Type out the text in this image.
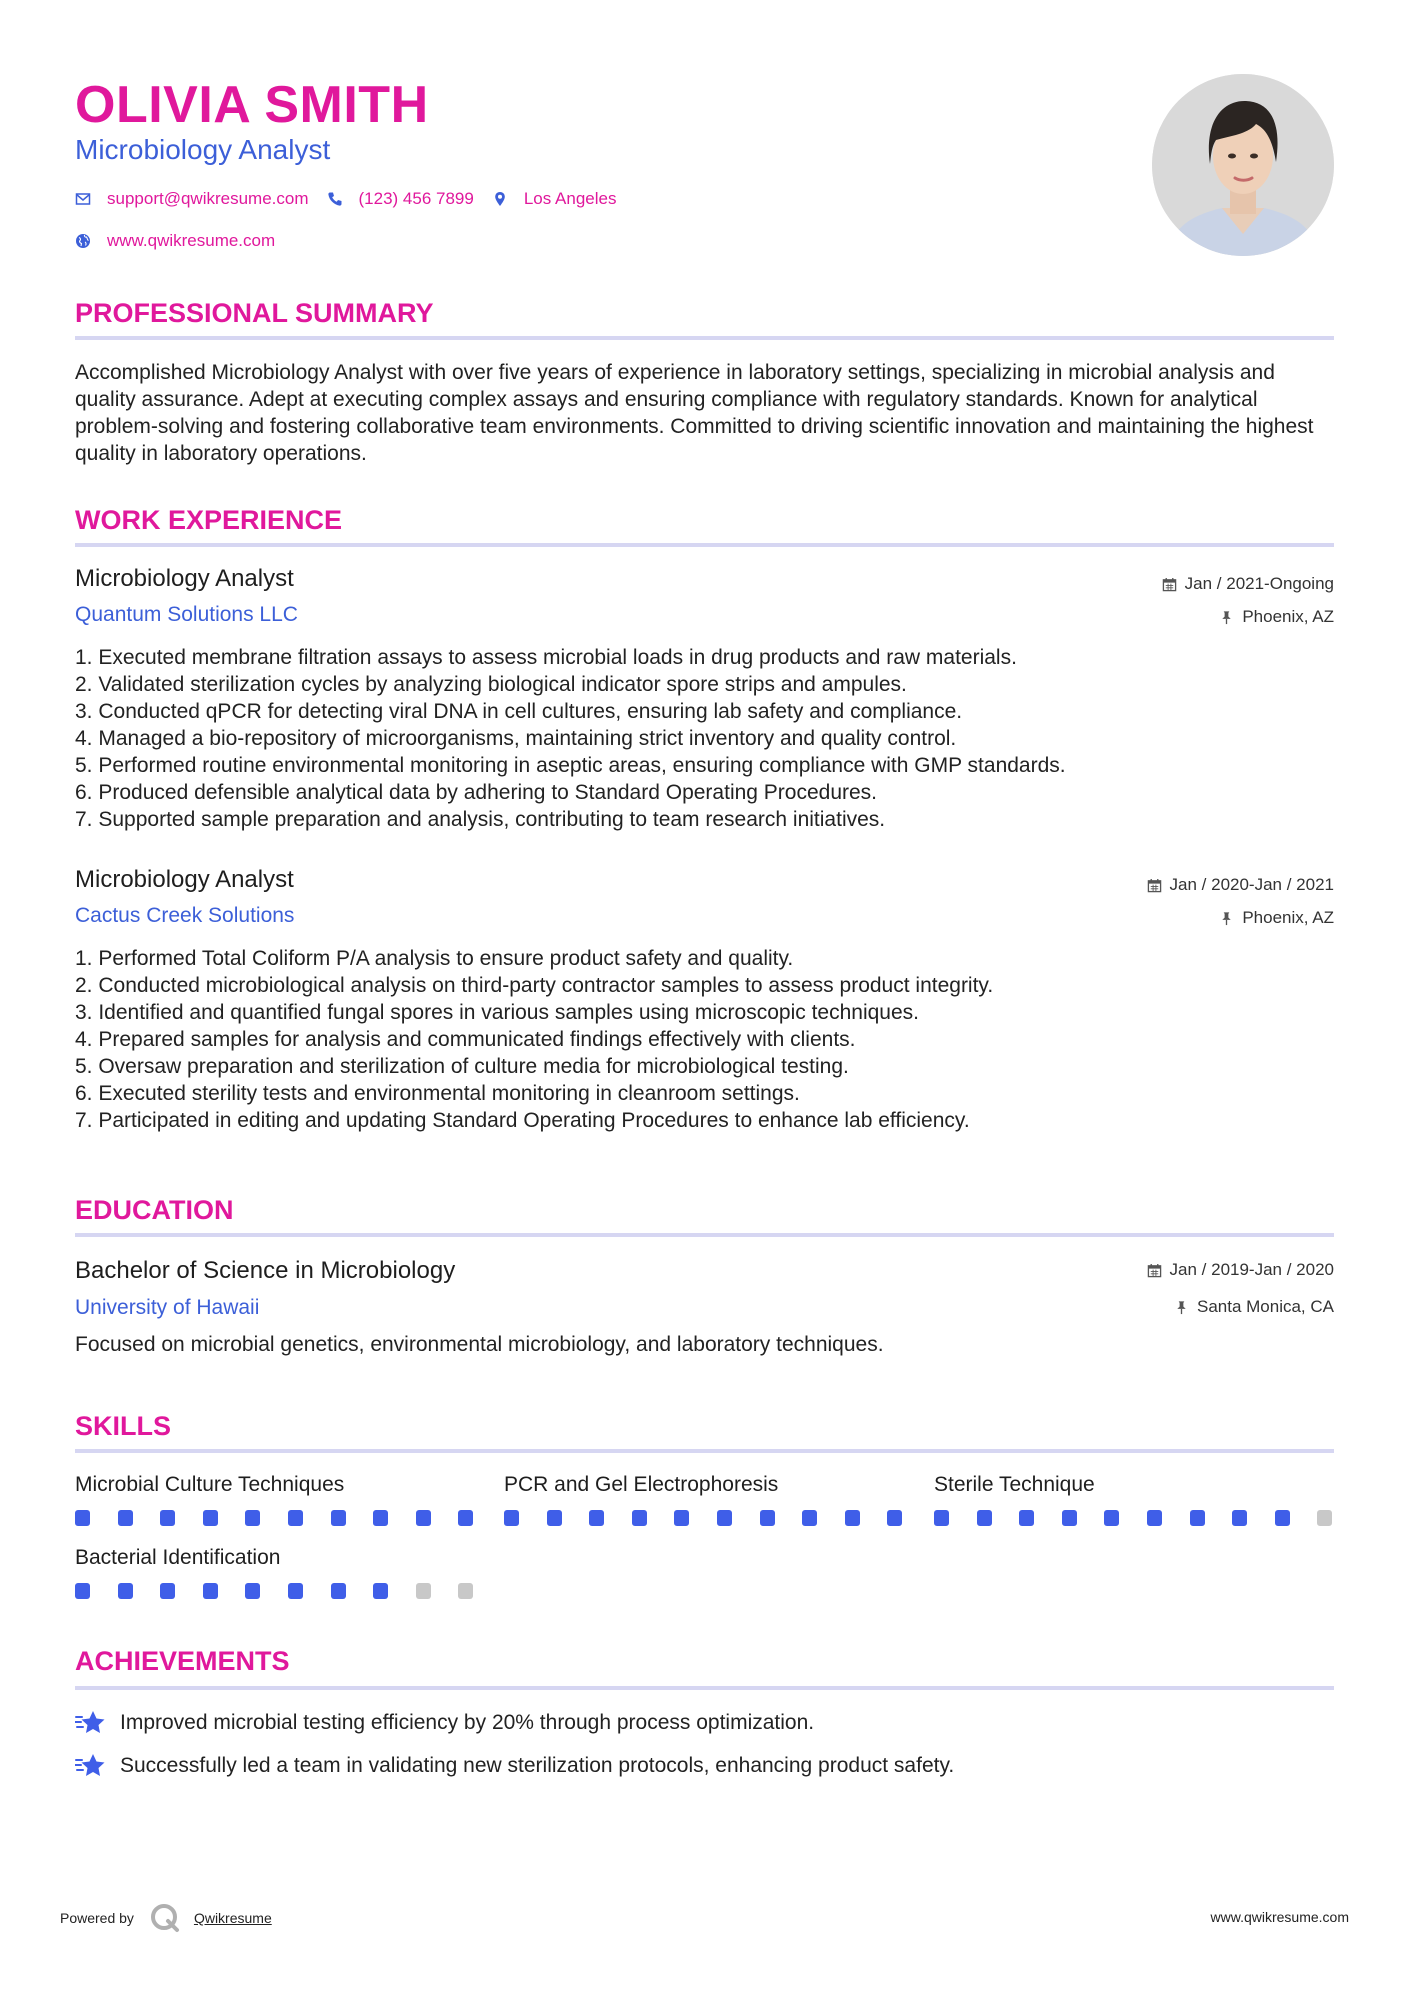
OLIVIA SMITH
Microbiology Analyst
support@qwikresume.com	(123) 456 7899	Los Angeles
www.qwikresume.com
PROFESSIONAL SUMMARY
Accomplished Microbiology Analyst with over five years of experience in laboratory settings, specializing in microbial analysis and quality assurance. Adept at executing complex assays and ensuring compliance with regulatory standards. Known for analytical problem-solving and fostering collaborative team environments. Committed to driving scientific innovation and maintaining the highest quality in laboratory operations.
WORK EXPERIENCE
Microbiology Analyst
Quantum Solutions LLC
Jan / 2021-Ongoing
Phoenix, AZ
1. Executed membrane filtration assays to assess microbial loads in drug products and raw materials.
2. Validated sterilization cycles by analyzing biological indicator spore strips and ampules.
3. Conducted qPCR for detecting viral DNA in cell cultures, ensuring lab safety and compliance.
4. Managed a bio-repository of microorganisms, maintaining strict inventory and quality control.
5. Performed routine environmental monitoring in aseptic areas, ensuring compliance with GMP standards.
6. Produced defensible analytical data by adhering to Standard Operating Procedures.
7. Supported sample preparation and analysis, contributing to team research initiatives.
Microbiology Analyst
Cactus Creek Solutions
Jan / 2020-Jan / 2021
Phoenix, AZ
1. Performed Total Coliform P/A analysis to ensure product safety and quality.
2. Conducted microbiological analysis on third-party contractor samples to assess product integrity.
3. Identified and quantified fungal spores in various samples using microscopic techniques.
4. Prepared samples for analysis and communicated findings effectively with clients.
5. Oversaw preparation and sterilization of culture media for microbiological testing.
6. Executed sterility tests and environmental monitoring in cleanroom settings.
7. Participated in editing and updating Standard Operating Procedures to enhance lab efficiency.
EDUCATION
Bachelor of Science in Microbiology
University of Hawaii
Jan / 2019-Jan / 2020
Santa Monica, CA
Focused on microbial genetics, environmental microbiology, and laboratory techniques.
SKILLS
Microbial Culture Techniques	PCR and Gel Electrophoresis	Sterile Technique
Bacterial Identification
ACHIEVEMENTS
Improved microbial testing efficiency by 20% through process optimization.
Successfully led a team in validating new sterilization protocols, enhancing product safety.
Powered by	Qwikresume	www.qwikresume.com
